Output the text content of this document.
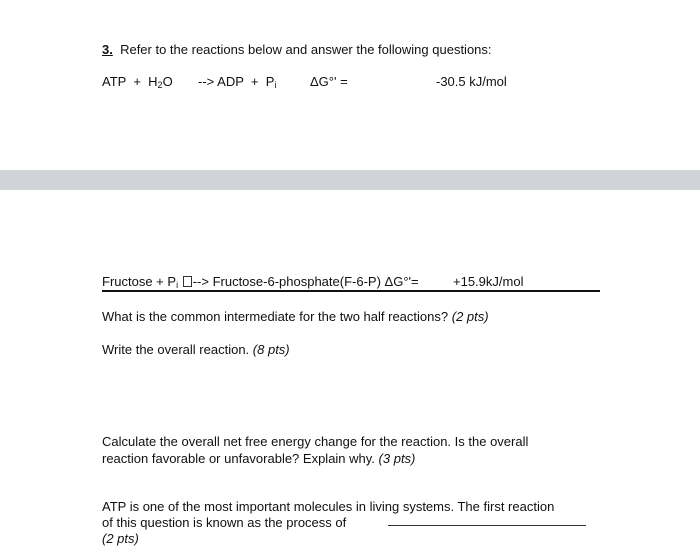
3. Refer to the reactions below and answer the following questions:
ATP + $H_2O$ --> ADP + $P_i$	ΔG°' =	-30.5 kJ/mol
Fructose + $P_i$ --> Fructose-6-phosphate(F-6-P) ΔG°'=	+15.9kJ/mol
What is the common intermediate for the two half reactions? (2 pts)
Write the overall reaction. (8 pts)
Calculate the overall net free energy change for the reaction. Is the overall
reaction favorable or unfavorable? Explain why. (3 pts)
ATP is one of the most important molecules in living systems. The first reaction
of this question is known as the process of
(2 pts)
